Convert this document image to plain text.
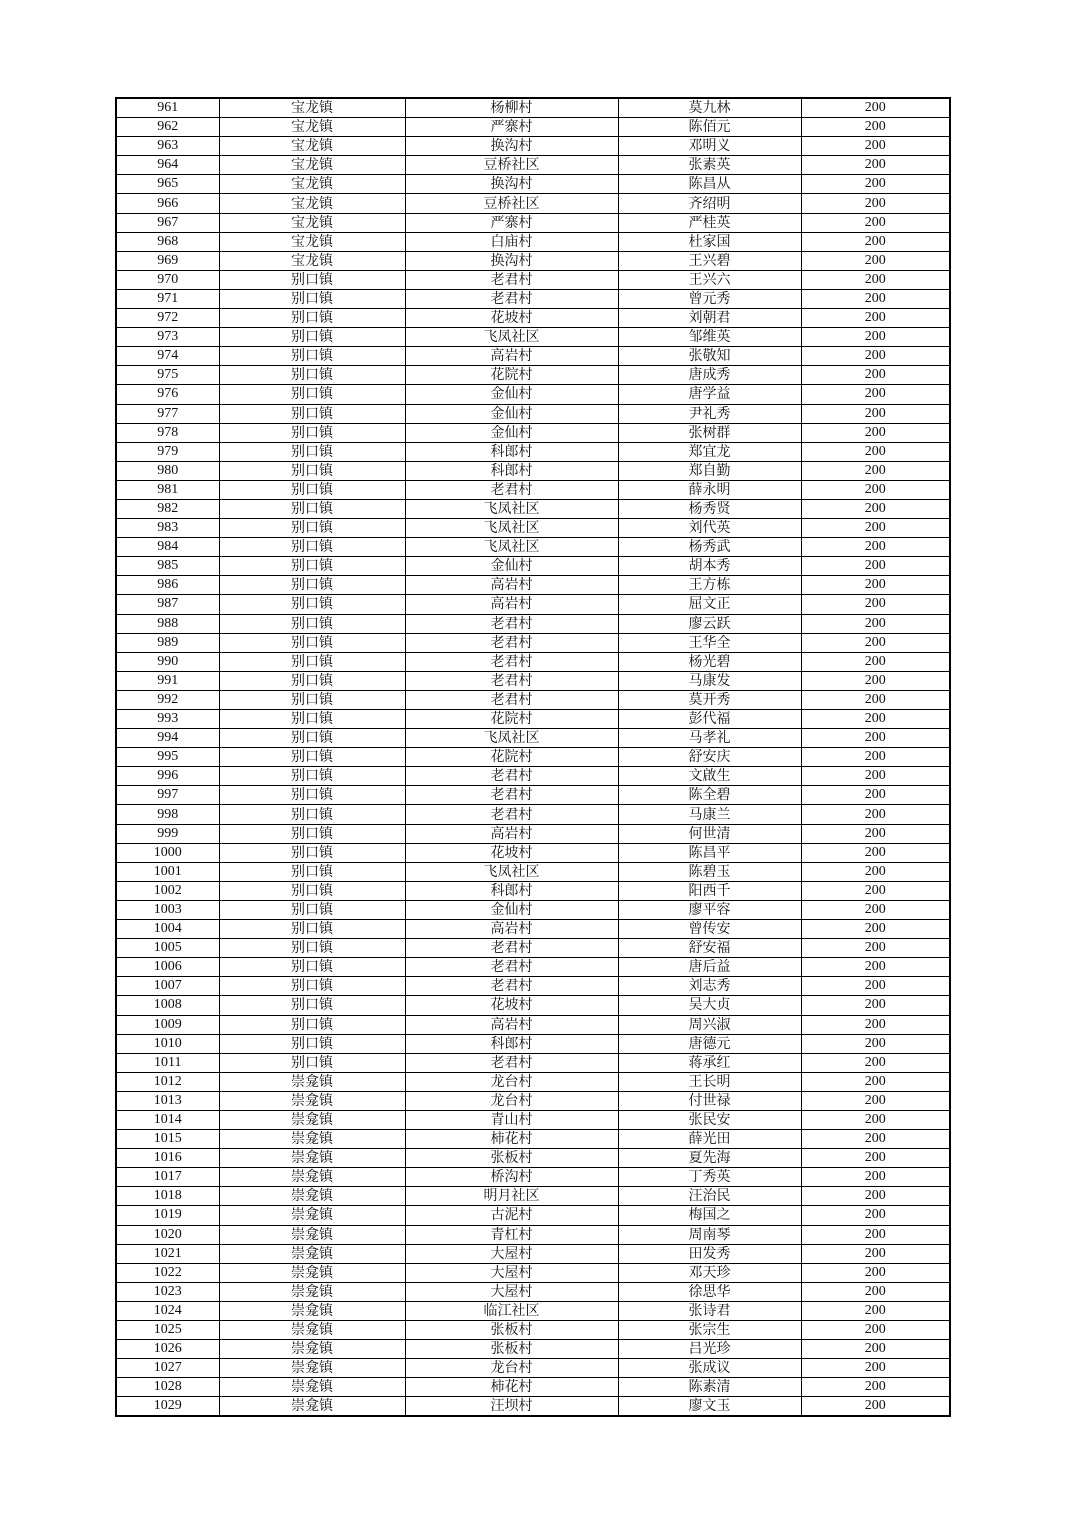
961	宝龙镇	杨柳村	莫九林	200
962	宝龙镇	严寨村	陈佰元	200
963	宝龙镇	换沟村	邓明义	200
964	宝龙镇	豆桥社区	张素英	200
965	宝龙镇	换沟村	陈昌从	200
966	宝龙镇	豆桥社区	齐绍明	200
967	宝龙镇	严寨村	严桂英	200
968	宝龙镇	白庙村	杜家国	200
969	宝龙镇	换沟村	王兴碧	200
970	别口镇	老君村	王兴六	200
971	别口镇	老君村	曾元秀	200
972	别口镇	花坡村	刘朝君	200
973	别口镇	飞凤社区	邹维英	200
974	别口镇	高岩村	张敬知	200
975	别口镇	花院村	唐成秀	200
976	别口镇	金仙村	唐学益	200
977	别口镇	金仙村	尹礼秀	200
978	别口镇	金仙村	张树群	200
979	别口镇	科郎村	郑宜龙	200
980	别口镇	科郎村	郑自勤	200
981	别口镇	老君村	薛永明	200
982	别口镇	飞凤社区	杨秀贤	200
983	别口镇	飞凤社区	刘代英	200
984	别口镇	飞凤社区	杨秀武	200
985	别口镇	金仙村	胡本秀	200
986	别口镇	高岩村	王方栋	200
987	别口镇	高岩村	屈文正	200
988	别口镇	老君村	廖云跃	200
989	别口镇	老君村	王华全	200
990	别口镇	老君村	杨光碧	200
991	别口镇	老君村	马康发	200
992	别口镇	老君村	莫开秀	200
993	别口镇	花院村	彭代福	200
994	别口镇	飞凤社区	马孝礼	200
995	别口镇	花院村	舒安庆	200
996	别口镇	老君村	文啟生	200
997	别口镇	老君村	陈全碧	200
998	别口镇	老君村	马康兰	200
999	别口镇	高岩村	何世清	200
1000	别口镇	花坡村	陈昌平	200
1001	别口镇	飞凤社区	陈碧玉	200
1002	别口镇	科郎村	阳西千	200
1003	别口镇	金仙村	廖平容	200
1004	别口镇	高岩村	曾传安	200
1005	别口镇	老君村	舒安福	200
1006	别口镇	老君村	唐后益	200
1007	别口镇	老君村	刘志秀	200
1008	别口镇	花坡村	吴大贞	200
1009	别口镇	高岩村	周兴淑	200
1010	别口镇	科郎村	唐德元	200
1011	别口镇	老君村	蒋承红	200
1012	崇龛镇	龙台村	王长明	200
1013	崇龛镇	龙台村	付世禄	200
1014	崇龛镇	青山村	张民安	200
1015	崇龛镇	柿花村	薛光田	200
1016	崇龛镇	张板村	夏先海	200
1017	崇龛镇	桥沟村	丁秀英	200
1018	崇龛镇	明月社区	汪治民	200
1019	崇龛镇	古泥村	梅国之	200
1020	崇龛镇	青杠村	周南琴	200
1021	崇龛镇	大屋村	田发秀	200
1022	崇龛镇	大屋村	邓天珍	200
1023	崇龛镇	大屋村	徐思华	200
1024	崇龛镇	临江社区	张诗君	200
1025	崇龛镇	张板村	张宗生	200
1026	崇龛镇	张板村	吕光珍	200
1027	崇龛镇	龙台村	张成议	200
1028	崇龛镇	柿花村	陈素清	200
1029	崇龛镇	汪坝村	廖文玉	200
